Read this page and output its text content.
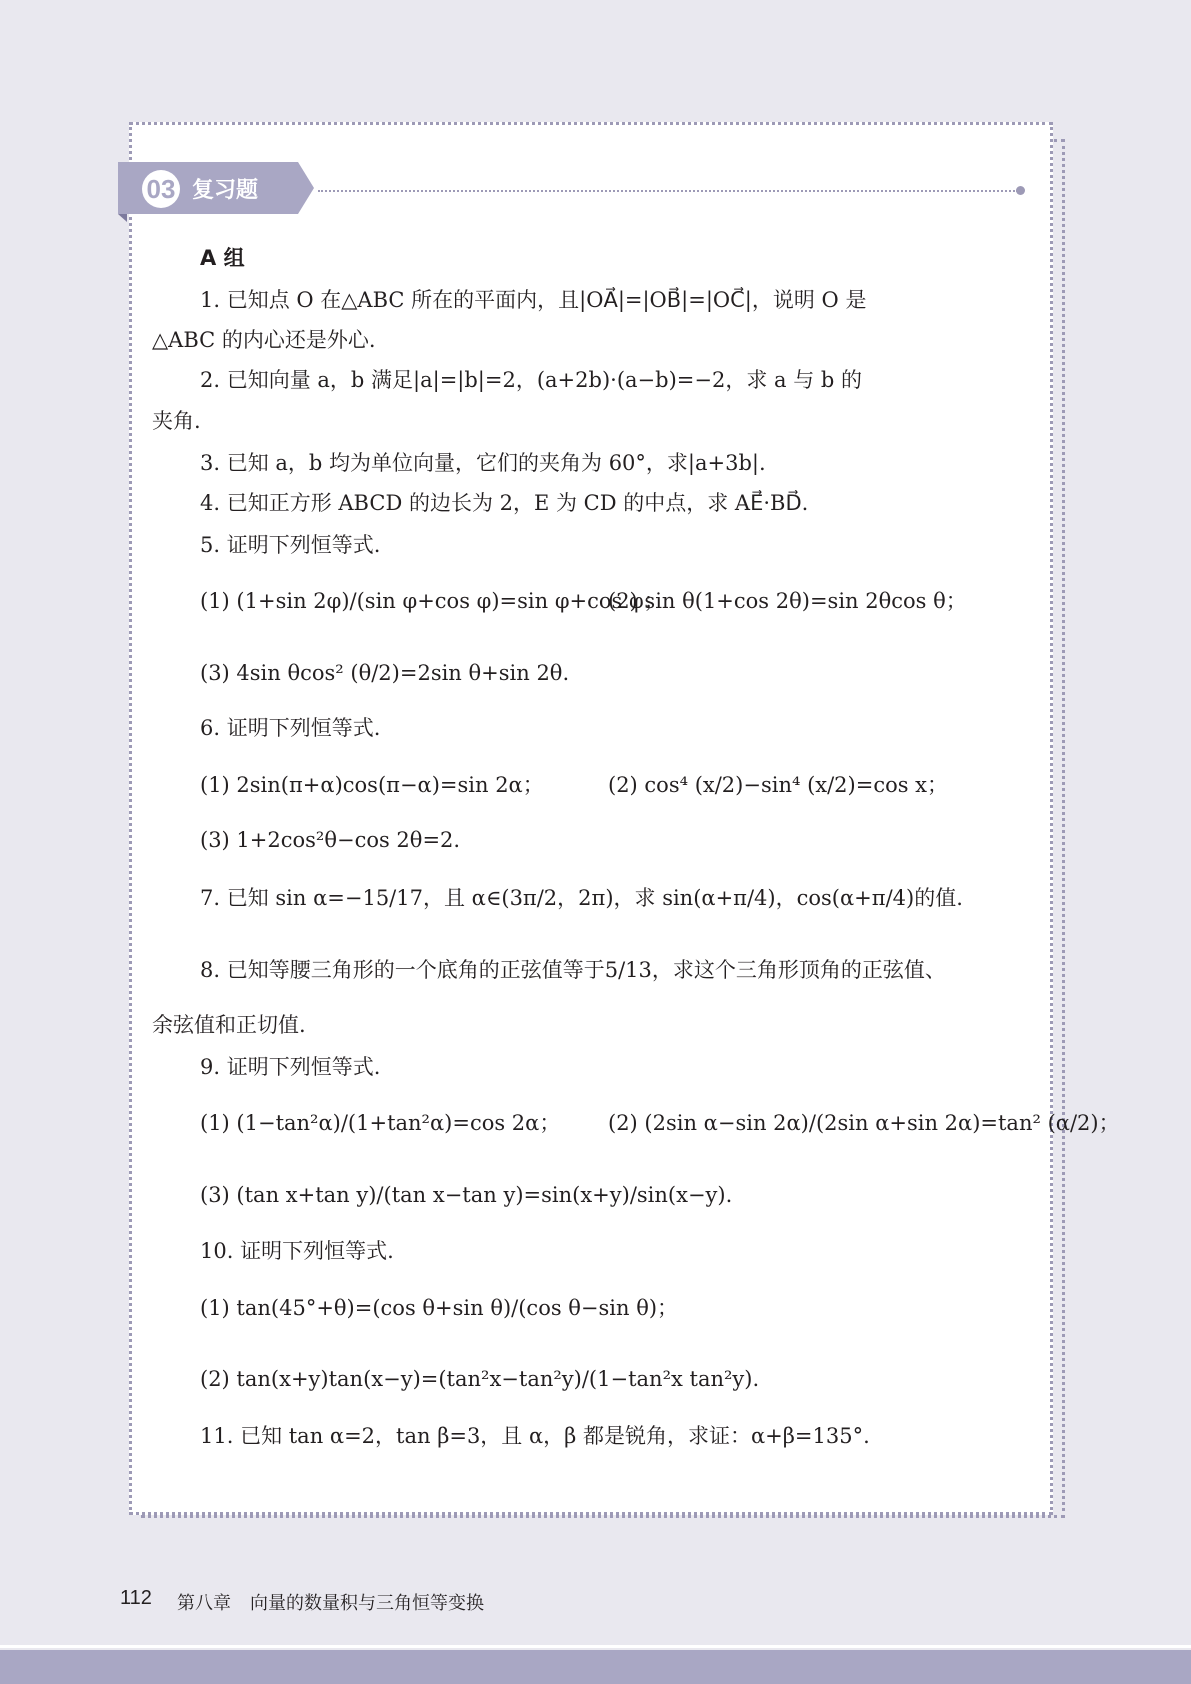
03 复习题
A 组
1. 已知点 O 在△ABC 所在的平面内，且|OA⃗|=|OB⃗|=|OC⃗|，说明 O 是
△ABC 的内心还是外心.
2. 已知向量 a，b 满足|a|=|b|=2，(a+2b)·(a−b)=−2，求 a 与 b 的
夹角.
3. 已知 a，b 均为单位向量，它们的夹角为 60°，求|a+3b|.
4. 已知正方形 ABCD 的边长为 2，E 为 CD 的中点，求 AE⃗·BD⃗.
5. 证明下列恒等式.
(1) (1+sin 2φ)/(sin φ+cos φ)=sin φ+cos φ；
(2) sin θ(1+cos 2θ)=sin 2θcos θ；
(3) 4sin θcos² (θ/2)=2sin θ+sin 2θ.
6. 证明下列恒等式.
(1) 2sin(π+α)cos(π−α)=sin 2α；	(2) cos⁴ (x/2)−sin⁴ (x/2)=cos x；
(3) 1+2cos²θ−cos 2θ=2.
7. 已知 sin α=−15/17，且 α∈(3π/2，2π)，求 sin(α+π/4)，cos(α+π/4)的值.
8. 已知等腰三角形的一个底角的正弦值等于5/13，求这个三角形顶角的正弦值、
余弦值和正切值.
9. 证明下列恒等式.
(1) (1−tan²α)/(1+tan²α)=cos 2α； (2) (2sin α−sin 2α)/(2sin α+sin 2α)=tan² (α/2)；
(3) (tan x+tan y)/(tan x−tan y)=sin(x+y)/sin(x−y).
10. 证明下列恒等式.
(1) tan(45°+θ)=(cos θ+sin θ)/(cos θ−sin θ)；
(2) tan(x+y)tan(x−y)=(tan²x−tan²y)/(1−tan²x tan²y).
11. 已知 tan α=2，tan β=3，且 α，β 都是锐角，求证：α+β=135°.
112 第八章 向量的数量积与三角恒等变换
